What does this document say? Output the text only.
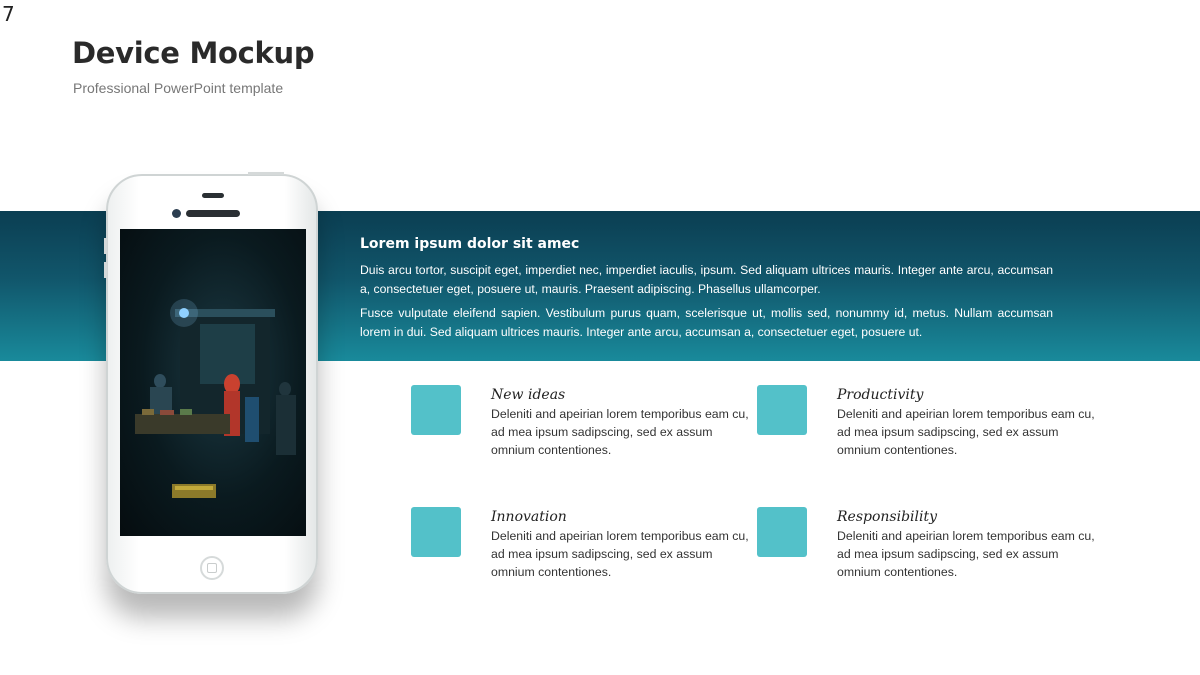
7
Device Mockup
Professional PowerPoint template
Lorem ipsum dolor sit amec

Duis arcu tortor, suscipit eget, imperdiet nec, imperdiet iaculis, ipsum. Sed aliquam ultrices mauris. Integer ante arcu, accumsan a, consectetuer eget, posuere ut, mauris. Praesent adipiscing. Phasellus ullamcorper.

Fusce vulputate eleifend sapien. Vestibulum purus quam, scelerisque ut, mollis sed, nonummy id, metus. Nullam accumsan lorem in dui. Sed aliquam ultrices mauris. Integer ante arcu, accumsan a, consectetuer eget, posuere ut.

New ideas
Deleniti and apeirian lorem temporibus eam cu, ad mea ipsum sadipscing, sed ex assum omnium contentiones.
Productivity
Deleniti and apeirian lorem temporibus eam cu, ad mea ipsum sadipscing, sed ex assum omnium contentiones.
Innovation
Deleniti and apeirian lorem temporibus eam cu, ad mea ipsum sadipscing, sed ex assum omnium contentiones.
Responsibility
Deleniti and apeirian lorem temporibus eam cu, ad mea ipsum sadipscing, sed ex assum omnium contentiones.
